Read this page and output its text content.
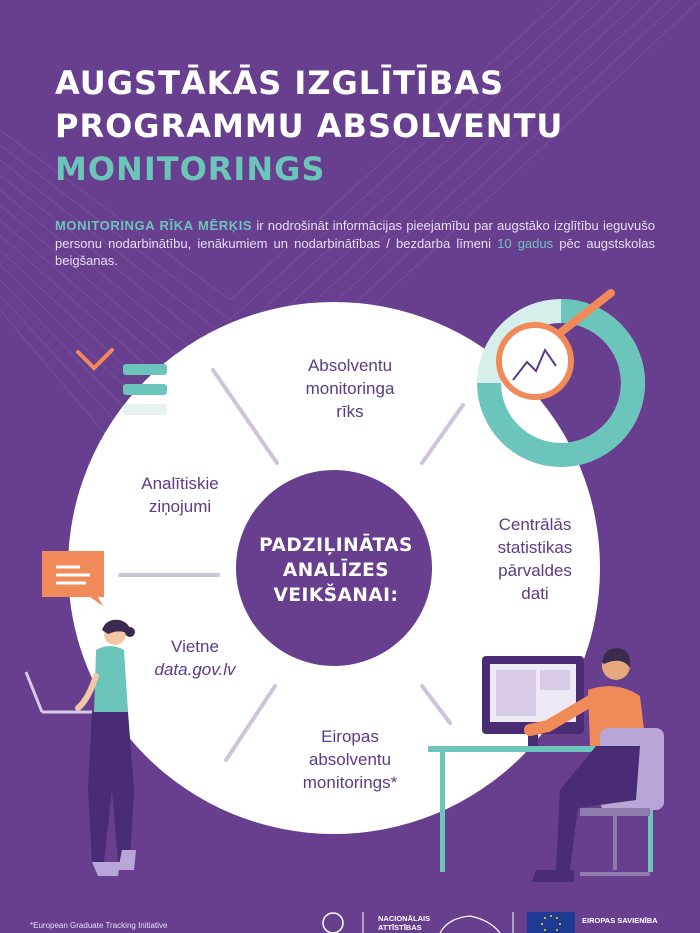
AUGSTĀKĀS IZGLĪTĪBAS
PROGRAMMU ABSOLVENTU
MONITORINGS

MONITORINGA RĪKA MĒRĶIS ir nodrošināt informācijas pieejamību par augstāko izglītību ieguvušo personu nodarbinātību, ienākumiem un nodarbinātības / bezdarba līmeni 10 gadus pēc augstskolas beigšanas.

PADZIĻINĀTAS
ANALĪZES
VEIKŠANAI:
Absolventu
monitoringa
rīks
Centrālās
statistikas
pārvaldes
dati
Eiropas
absolventu
monitorings*
Vietne
data.gov.lv
Analītiskie
ziņojumi
*European Graduate Tracking Initiative
NACIONĀLAIS
ATTĪSTĪBAS
EIROPAS SAVIENĪBA
